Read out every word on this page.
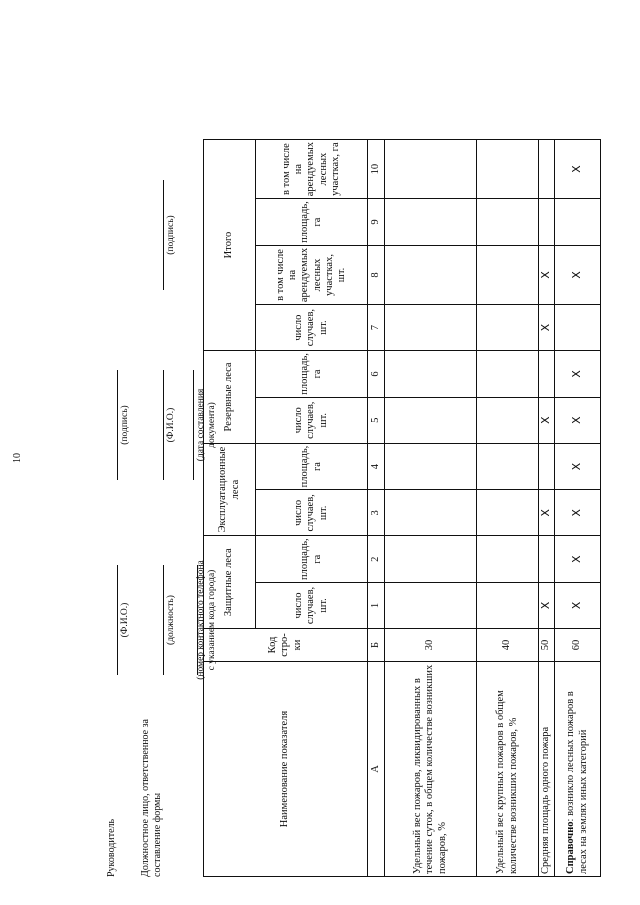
Наименование показателя	Код стро-ки	Защитные леса		Эксплуатационные леса		Резервные леса		Итого			
		число случаев, шт.	площадь, га	число случаев, шт.	площадь, га	число случаев, шт.	площадь, га	число случаев, шт.	в том числе на арендуемых лесных участках, шт.	площадь, га	в том числе на арендуемых лесных участках, га
А	Б	1	2	3	4	5	6	7	8	9	10
Удельный вес пожаров, ликвидированных в течение суток, в общем количестве возникших пожаров, %	30										
Удельный вес крупных пожаров в общем количестве возникших пожаров, %	40										
Средняя площадь одного пожара	50	X		X		X		X	X		
Справочно: возникло лесных пожаров в лесах на землях иных категорий	60	X	X	X	X	X	X		X		X
Руководитель
(Ф.И.О.)
(подпись)
Должностное лицо, ответственное за составление формы
(должность)
(Ф.И.О.)
(подпись)
10
(номер контактного телефона с указанием кода города)
(дата составления документа)
